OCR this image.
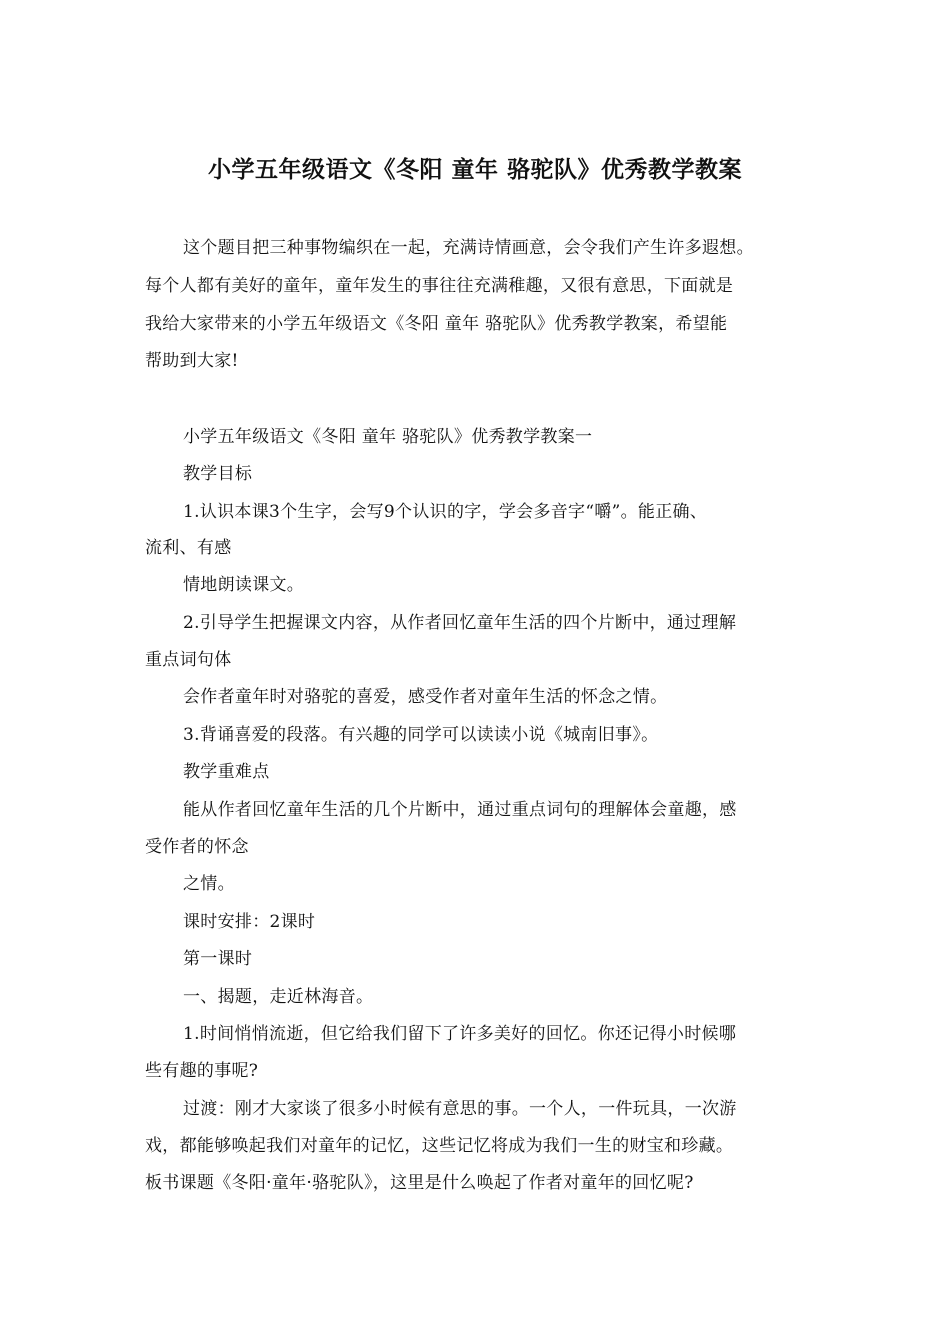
小学五年级语文《冬阳 童年 骆驼队》优秀教学教案
这个题目把三种事物编织在一起，充满诗情画意，会令我们产生许多遐想。
每个人都有美好的童年，童年发生的事往往充满稚趣，又很有意思，下面就是
我给大家带来的小学五年级语文《冬阳 童年 骆驼队》优秀教学教案，希望能
帮助到大家!
小学五年级语文《冬阳 童年 骆驼队》优秀教学教案一
教学目标
1.认识本课3个生字，会写9个认识的字，学会多音字“嚼”。能正确、
流利、有感
情地朗读课文。
2.引导学生把握课文内容，从作者回忆童年生活的四个片断中，通过理解
重点词句体
会作者童年时对骆驼的喜爱，感受作者对童年生活的怀念之情。
3.背诵喜爱的段落。有兴趣的同学可以读读小说《城南旧事》。
教学重难点
能从作者回忆童年生活的几个片断中，通过重点词句的理解体会童趣，感
受作者的怀念
之情。
课时安排：2课时
第一课时
一、揭题，走近林海音。
1.时间悄悄流逝，但它给我们留下了许多美好的回忆。你还记得小时候哪
些有趣的事呢?
过渡：刚才大家谈了很多小时候有意思的事。一个人，一件玩具，一次游
戏，都能够唤起我们对童年的记忆，这些记忆将成为我们一生的财宝和珍藏。
板书课题《冬阳·童年·骆驼队》，这里是什么唤起了作者对童年的回忆呢?
